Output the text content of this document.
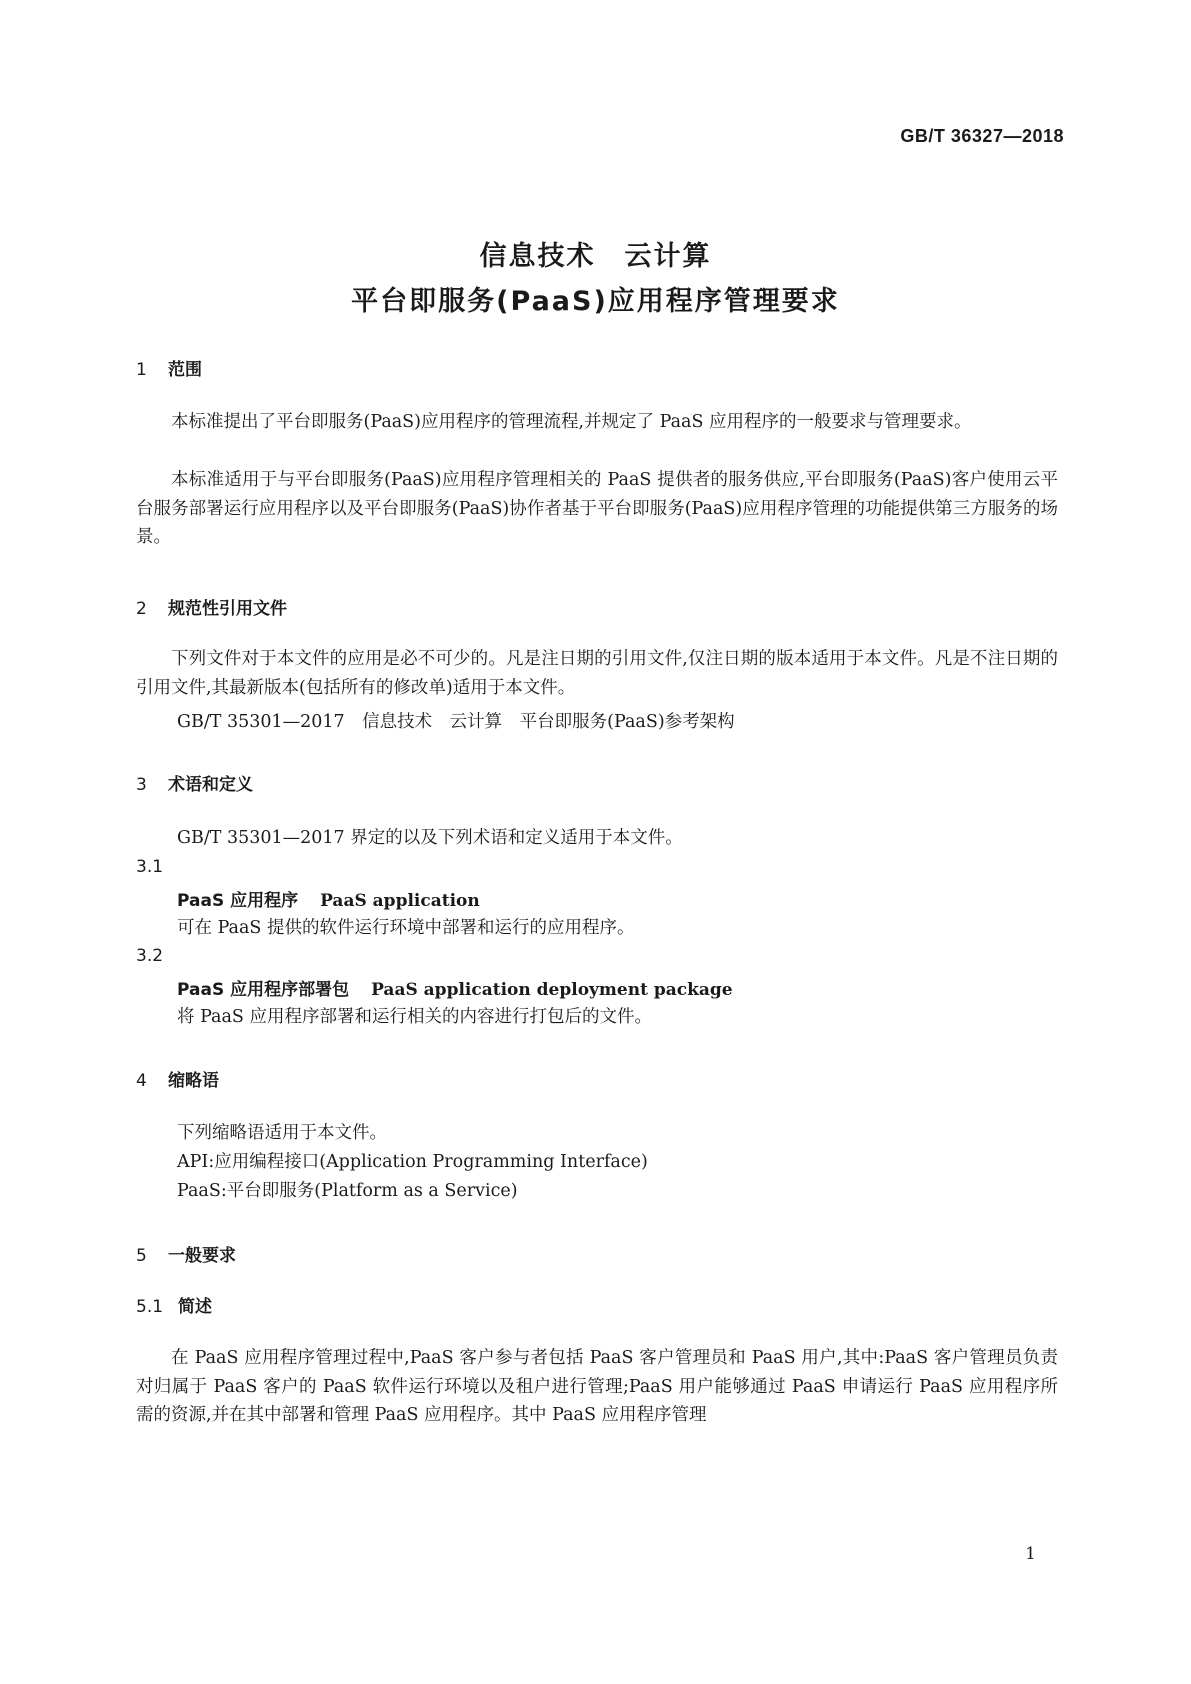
GB/T 36327—2018
信息技术　云计算
平台即服务(PaaS)应用程序管理要求
1 范围
本标准提出了平台即服务(PaaS)应用程序的管理流程,并规定了 PaaS 应用程序的一般要求与管理要求。
本标准适用于与平台即服务(PaaS)应用程序管理相关的 PaaS 提供者的服务供应,平台即服务(PaaS)客户使用云平台服务部署运行应用程序以及平台即服务(PaaS)协作者基于平台即服务(PaaS)应用程序管理的功能提供第三方服务的场景。
2 规范性引用文件
下列文件对于本文件的应用是必不可少的。凡是注日期的引用文件,仅注日期的版本适用于本文件。凡是不注日期的引用文件,其最新版本(包括所有的修改单)适用于本文件。
GB/T 35301—2017　信息技术　云计算　平台即服务(PaaS)参考架构
3 术语和定义
GB/T 35301—2017 界定的以及下列术语和定义适用于本文件。
3.1
PaaS 应用程序 PaaS application
可在 PaaS 提供的软件运行环境中部署和运行的应用程序。
3.2
PaaS 应用程序部署包 PaaS application deployment package
将 PaaS 应用程序部署和运行相关的内容进行打包后的文件。
4 缩略语
下列缩略语适用于本文件。
API:应用编程接口(Application Programming Interface)
PaaS:平台即服务(Platform as a Service)
5 一般要求
5.1 简述
在 PaaS 应用程序管理过程中,PaaS 客户参与者包括 PaaS 客户管理员和 PaaS 用户,其中:PaaS 客户管理员负责对归属于 PaaS 客户的 PaaS 软件运行环境以及租户进行管理;PaaS 用户能够通过 PaaS 申请运行 PaaS 应用程序所需的资源,并在其中部署和管理 PaaS 应用程序。其中 PaaS 应用程序管理
1
